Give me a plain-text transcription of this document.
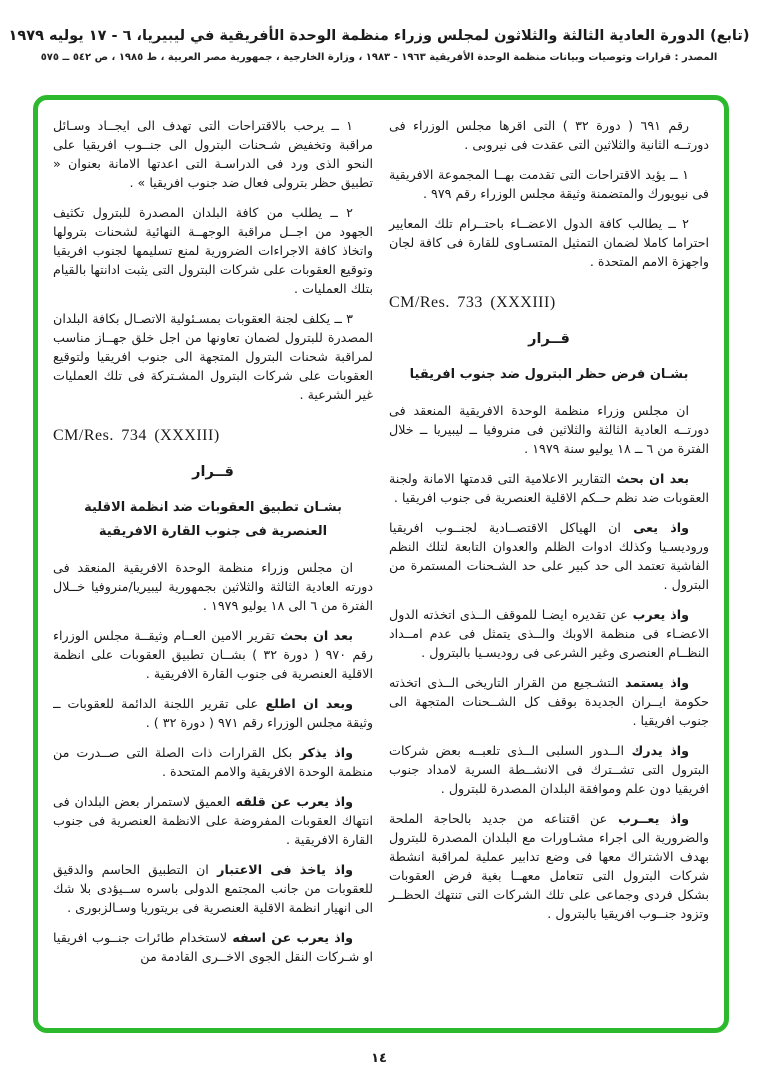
(تابع) الدورة العادية الثالثة والثلاثون لمجلس وزراء منظمة الوحدة الأفريقية في ليبيريا، ٦ - ١٧ يوليه ١٩٧٩
المصدر : قرارات وتوصيات وبيانات منظمة الوحدة الأفريقية ١٩٦٣ - ١٩٨٣ ، وزارة الخارجية ، جمهورية مصر العربية ، ط ١٩٨٥ ، ص ٥٤٢ ــ ٥٧٥

رقم ٦٩١ ( دورة ٣٢ ) التى اقرها مجلس الوزراء فى دورتــه الثانية والثلاثين التى عقدت فى نيروبى .

١ ــ يؤيد الاقتراحات التى تقدمت بهــا المجموعة الافريقية فى نيويورك والمتضمنة وثيقة مجلس الوزراء رقم ٩٧٩ .

٢ ــ يطالب كافة الدول الاعضــاء باحتــرام تلك المعايير احتراما كاملا لضمان التمثيل المتسـاوى للقارة فى كافة لجان واجهزة الامم المتحدة .

CM/Res. 733 (XXXIII)

قــرار

بشـان فرض حظر البترول ضد جنوب افريقيا

ان مجلس وزراء منظمة الوحدة الافريقية المنعقد فى دورتــه العادية الثالثة والثلاثين فى منروفيا ــ ليبيريا ــ خلال الفترة من ٦ ــ ١٨ يوليو سنة ١٩٧٩ .

بعد ان بحث التقارير الاعلامية التى قدمتها الامانة ولجنة العقوبات ضد نظم حــكم الاقلية العنصرية فى جنوب افريقيا .

واذ يعى ان الهياكل الاقتصــادية لجنــوب افريقيا وروديسـيا وكذلك ادوات الظلم والعدوان التابعة لتلك النظم الفاشية تعتمد الى حد كبير على حد الشـحنات المستمرة من البترول .

واذ يعرب عن تقديره ايضـا للموقف الــذى اتخذته الدول الاعضـاء فى منظمة الاوبك والــذى يتمثل فى عدم امــداد النظــام العنصرى وغير الشرعى فى روديسـيا بالبترول .

واذ يستمد التشـجيع من القرار التاريخى الــذى اتخذته حكومة ايــران الجديدة بوقف كل الشــحنات المتجهة الى جنوب افريقيا .

واذ يدرك الــدور السلبى الــذى تلعبــه بعض شركات البترول التى تشــترك فى الانشــطة السرية لامداد جنوب افريقيا دون علم وموافقة البلدان المصدرة للبترول .

واذ يعــرب عن اقتناعه من جديد بالحاجة الملحة والضرورية الى اجراء مشـاورات مع البلدان المصدرة للبترول بهدف الاشتراك معها فى وضع تدابير عملية لمراقبة انشطة شركات البترول التى تتعامل معهــا بغية فرض العقوبات بشكل فردى وجماعى على تلك الشركات التى تنتهك الحظــر وتزود جنــوب افريقيا بالبترول .

١ ــ يرحب بالاقتراحات التى تهدف الى ايجــاد وسـائل مراقبة وتخفيض شـحنات البترول الى جنــوب افريقيا على النحو الذى ورد فى الدراسـة التى اعدتها الامانة بعنوان « تطبيق حظر بترولى فعال ضد جنوب افريقيا » .

٢ ــ يطلب من كافة البلدان المصدرة للبترول تكثيف الجهود من اجــل مراقبة الوجهــة النهائية لشحنات بترولها واتخاذ كافة الاجراءات الضرورية لمنع تسليمها لجنوب افريقيا وتوقيع العقوبات على شركات البترول التى يثبت ادانتها بالقيام بتلك العمليات .

٣ ــ يكلف لجنة العقوبات بمسـئولية الاتصـال بكافة البلدان المصدرة للبترول لضمان تعاونها من اجل خلق جهــاز مناسب لمراقبة شحنات البترول المتجهة الى جنوب افريقيا ولتوقيع العقوبات على شركات البترول المشـتركة فى تلك العمليات غير الشرعية .

CM/Res. 734 (XXXIII)

قــرار

بشـان تطبيق العقوبات ضد انظمة الاقلية
العنصرية فى جنوب القارة الافريقية

ان مجلس وزراء منظمة الوحدة الافريقية المنعقد فى دورته العادية الثالثة والثلاثين بجمهورية ليبيريا/منروفيا خــلال الفترة من ٦ الى ١٨ يوليو ١٩٧٩ .

بعد ان بحث تقرير الامين العــام وثيقــة مجلس الوزراء رقم ٩٧٠ ( دورة ٣٢ ) بشــان تطبيق العقوبات على انظمة الاقلية العنصرية فى جنوب القارة الافريقية .

وبعد ان اطلع على تقرير اللجنة الدائمة للعقوبات ــ وثيقة مجلس الوزراء رقم ٩٧١ ( دورة ٣٢ ) .

واذ يذكر بكل القرارات ذات الصلة التى صــدرت من منظمة الوحدة الافريقية والامم المتحدة .

واذ يعرب عن قلقه العميق لاستمرار بعض البلدان فى انتهاك العقوبات المفروضة على الانظمة العنصرية فى جنوب القارة الافريقية .

واذ ياخذ فى الاعتبار ان التطبيق الحاسم والدقيق للعقوبات من جانب المجتمع الدولى باسره ســيؤدى بلا شك الى انهيار انظمة الاقلية العنصرية فى بريتوريا وسـالزبورى .

واذ يعرب عن اسفه لاستخدام طائرات جنــوب افريقيا او شـركات النقل الجوى الاخــرى القادمة من

١٤
